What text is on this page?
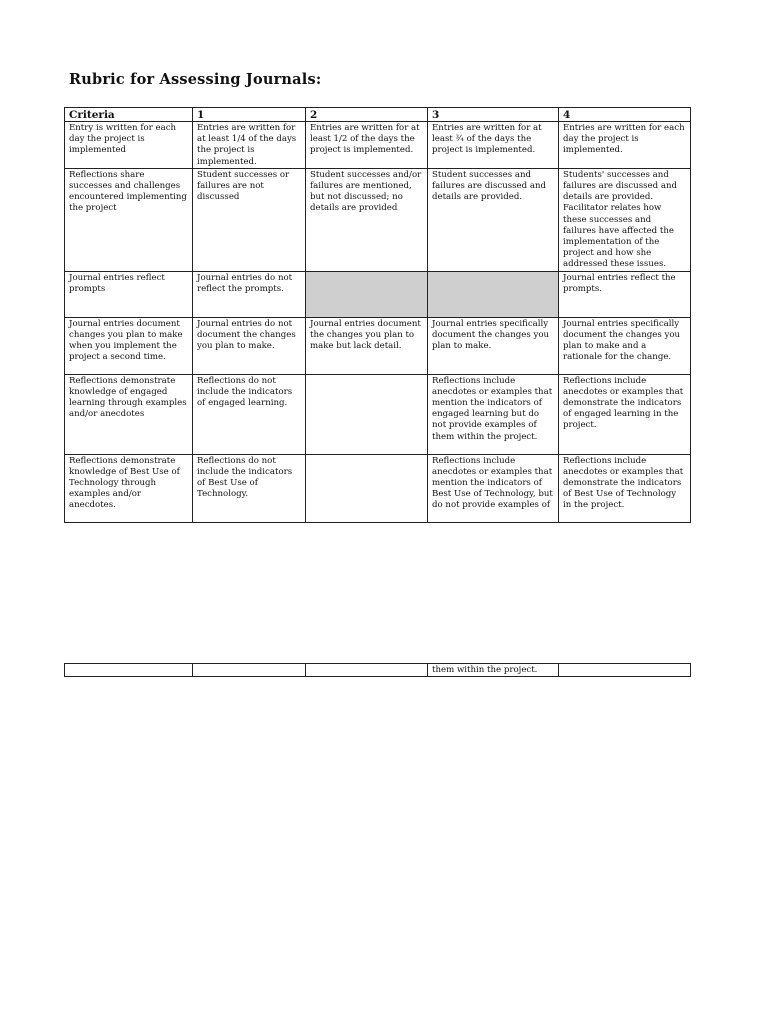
Rubric for Assessing Journals:
Criteria	1	2	3	4
Entry is written for each day the project is implemented	Entries are written for at least 1/4 of the days the project is implemented.	Entries are written for at least 1/2 of the days the project is implemented.	Entries are written for at least ¾ of the days the project is implemented.	Entries are written for each day the project is implemented.
Reflections share successes and challenges encountered implementing the project	Student successes or failures are not discussed	Student successes and/or failures are mentioned, but not discussed; no details are provided	Student successes and failures are discussed and details are provided.	Students' successes and failures are discussed and details are provided. Facilitator relates how these successes and failures have affected the implementation of the project and how she addressed these issues.
Journal entries reflect prompts	Journal entries do not reflect the prompts.			Journal entries reflect the prompts.
Journal entries document changes you plan to make when you implement the project a second time.	Journal entries do not document the changes you plan to make.	Journal entries document the changes you plan to make but lack detail.	Journal entries specifically document the changes you plan to make.	Journal entries specifically document the changes you plan to make and a rationale for the change.
Reflections demonstrate knowledge of engaged learning through examples and/or anecdotes	Reflections do not include the indicators of engaged learning.		Reflections include anecdotes or examples that mention the indicators of engaged learning but do not provide examples of them within the project.	Reflections include anecdotes or examples that demonstrate the indicators of engaged learning in the project.
Reflections demonstrate knowledge of Best Use of Technology through examples and/or anecdotes.	Reflections do not include the indicators of Best Use of Technology.		Reflections include anecdotes or examples that mention the indicators of Best Use of Technology, but do not provide examples of	Reflections include anecdotes or examples that demonstrate the indicators of Best Use of Technology in the project.
			them within the project.	
